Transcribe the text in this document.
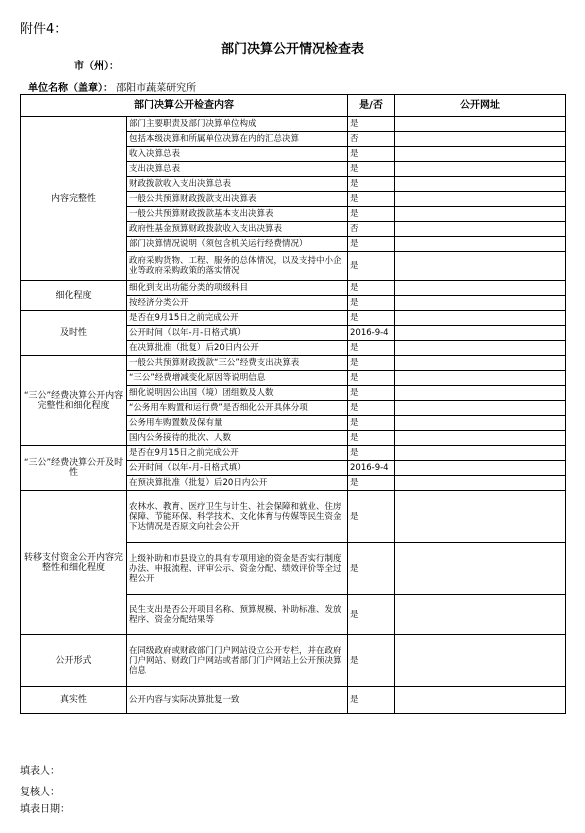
附件4：
部门决算公开情况检查表
市（州）：
单位名称（盖章）： 邵阳市蔬菜研究所
部门决算公开检查内容		是/否	公开网址
内容完整性	部门主要职责及部门决算单位构成	是	
	包括本级决算和所属单位决算在内的汇总决算	否	
	收入决算总表	是	
	支出决算总表	是	
	财政拨款收入支出决算总表	是	
	一般公共预算财政拨款支出决算表	是	
	一般公共预算财政拨款基本支出决算表	是	
	政府性基金预算财政拨款收入支出决算表	否	
	部门决算情况说明（须包含机关运行经费情况）	是	
	政府采购货物、工程、服务的总体情况，以及支持中小企业等政府采购政策的落实情况	是	
细化程度	细化到支出功能分类的项级科目	是	
	按经济分类公开	是	
及时性	是否在9月15日之前完成公开	是	
	公开时间（以年-月-日格式填）	2016-9-4	
	在决算批准（批复）后20日内公开	是	
“三公”经费决算公开内容完整性和细化程度	一般公共预算财政拨款“三公”经费支出决算表	是	
	“三公”经费增减变化原因等说明信息	是	
	细化说明因公出国（境）团组数及人数	是	
	“公务用车购置和运行费”是否细化公开具体分项	是	
	公务用车购置数及保有量	是	
	国内公务接待的批次、人数	是	
“三公”经费决算公开及时性	是否在9月15日之前完成公开	是	
	公开时间（以年-月-日格式填）	2016-9-4	
	在预决算批准（批复）后20日内公开	是	
转移支付资金公开内容完整性和细化程度	农林水、教育、医疗卫生与计生、社会保障和就业、住房保障、节能环保、科学技术、文化体育与传媒等民生资金下达情况是否原文向社会公开	是	
	上级补助和市县设立的具有专项用途的资金是否实行制度办法、申报流程、评审公示、资金分配、绩效评价等全过程公开	是	
	民生支出是否公开项目名称、预算规模、补助标准、发放程序、资金分配结果等	是	
公开形式	在同级政府或财政部门门户网站设立公开专栏，并在政府门户网站、财政门户网站或者部门门户网站上公开预决算信息	是	
真实性	公开内容与实际决算批复一致	是	
填表人：
复核人：
填表日期：
